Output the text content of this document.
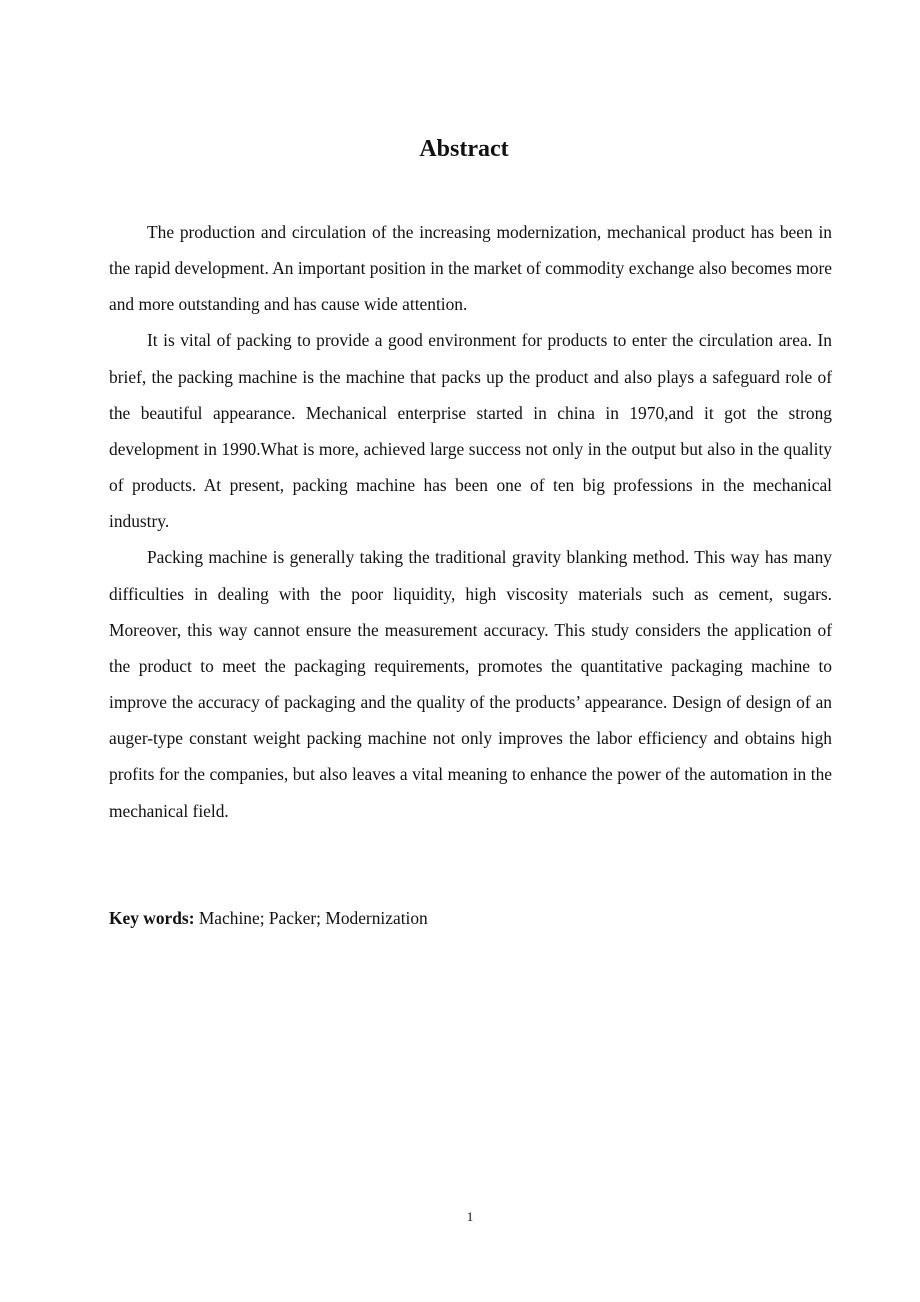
Abstract

The production and circulation of the increasing modernization, mechanical product has been in the rapid development. An important position in the market of commodity exchange also becomes more and more outstanding and has cause wide attention.

It is vital of packing to provide a good environment for products to enter the circulation area. In brief, the packing machine is the machine that packs up the product and also plays a safeguard role of the beautiful appearance. Mechanical enterprise started in china in 1970,and it got the strong development in 1990.What is more, achieved large success not only in the output but also in the quality of products. At present, packing machine has been one of ten big professions in the mechanical industry.

Packing machine is generally taking the traditional gravity blanking method. This way has many difficulties in dealing with the poor liquidity, high viscosity materials such as cement, sugars. Moreover, this way cannot ensure the measurement accuracy. This study considers the application of the product to meet the packaging requirements, promotes the quantitative packaging machine to improve the accuracy of packaging and the quality of the products’ appearance. Design of design of an auger-type constant weight packing machine not only improves the labor efficiency and obtains high profits for the companies, but also leaves a vital meaning to enhance the power of the automation in the mechanical field.

Key words: Machine; Packer; Modernization

1
